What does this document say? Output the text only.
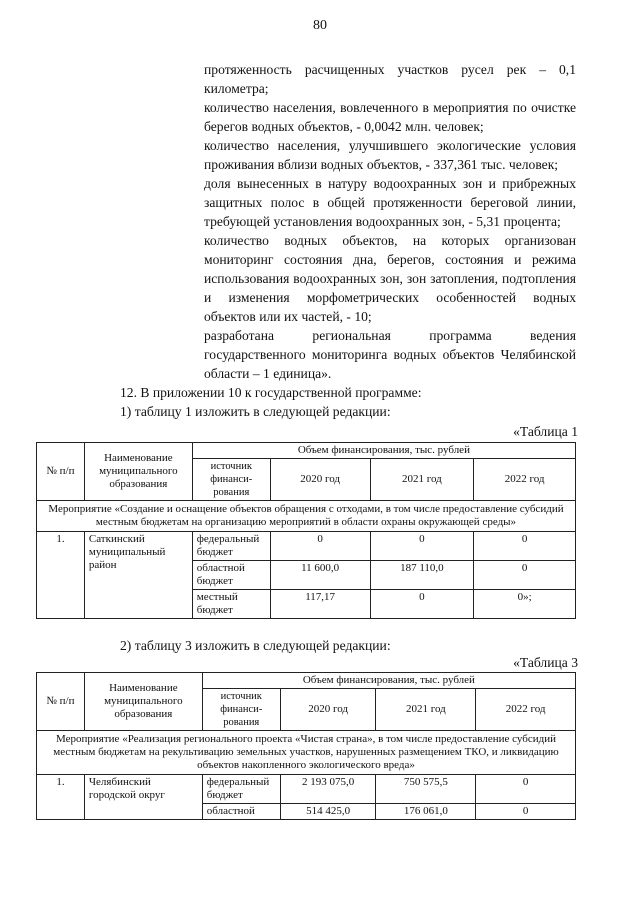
80

протяженность расчищенных участков русел рек – 0,1 километра;

количество населения, вовлеченного в мероприятия по очистке берегов водных объектов, - 0,0042 млн. человек;

количество населения, улучшившего экологические условия проживания вблизи водных объектов, - 337,361 тыс. человек;

доля вынесенных в натуру водоохранных зон и прибрежных защитных полос в общей протяженности береговой линии, требующей установления водоохранных зон, - 5,31 процента;

количество водных объектов, на которых организован мониторинг состояния дна, берегов, состояния и режима использования водоохранных зон, зон затопления, подтопления и изменения морфометрических особенностей водных объектов или их частей, - 10;

разработана региональная программа ведения государственного мониторинга водных объектов Челябинской области – 1 единица».

12. В приложении 10 к государственной программе:
1) таблицу 1 изложить в следующей редакции:
«Таблица 1
№ п/п	Наименование муниципального образования	Объем финансирования, тыс. рублей			
		источник финанси- рования	2020 год	2021 год	2022 год
Мероприятие «Создание и оснащение объектов обращения с отходами, в том числе предоставление субсидий местным бюджетам на организацию мероприятий в области охраны окружающей среды»					
1.	Саткинский муниципальный район	федеральный бюджет	0	0	0
		областной бюджет	11 600,0	187 110,0	0
		местный бюджет	117,17	0	0»;
2) таблицу 3 изложить в следующей редакции:
«Таблица 3
№ п/п	Наименование муниципального образования	Объем финансирования, тыс. рублей			
		источник финанси- рования	2020 год	2021 год	2022 год
Мероприятие «Реализация регионального проекта «Чистая страна», в том числе предоставление субсидий местным бюджетам на рекультивацию земельных участков, нарушенных размещением ТКО, и ликвидацию объектов накопленного экологического вреда»					
1.	Челябинский городской округ	федеральный бюджет	2 193 075,0	750 575,5	0
		областной	514 425,0	176 061,0	0
